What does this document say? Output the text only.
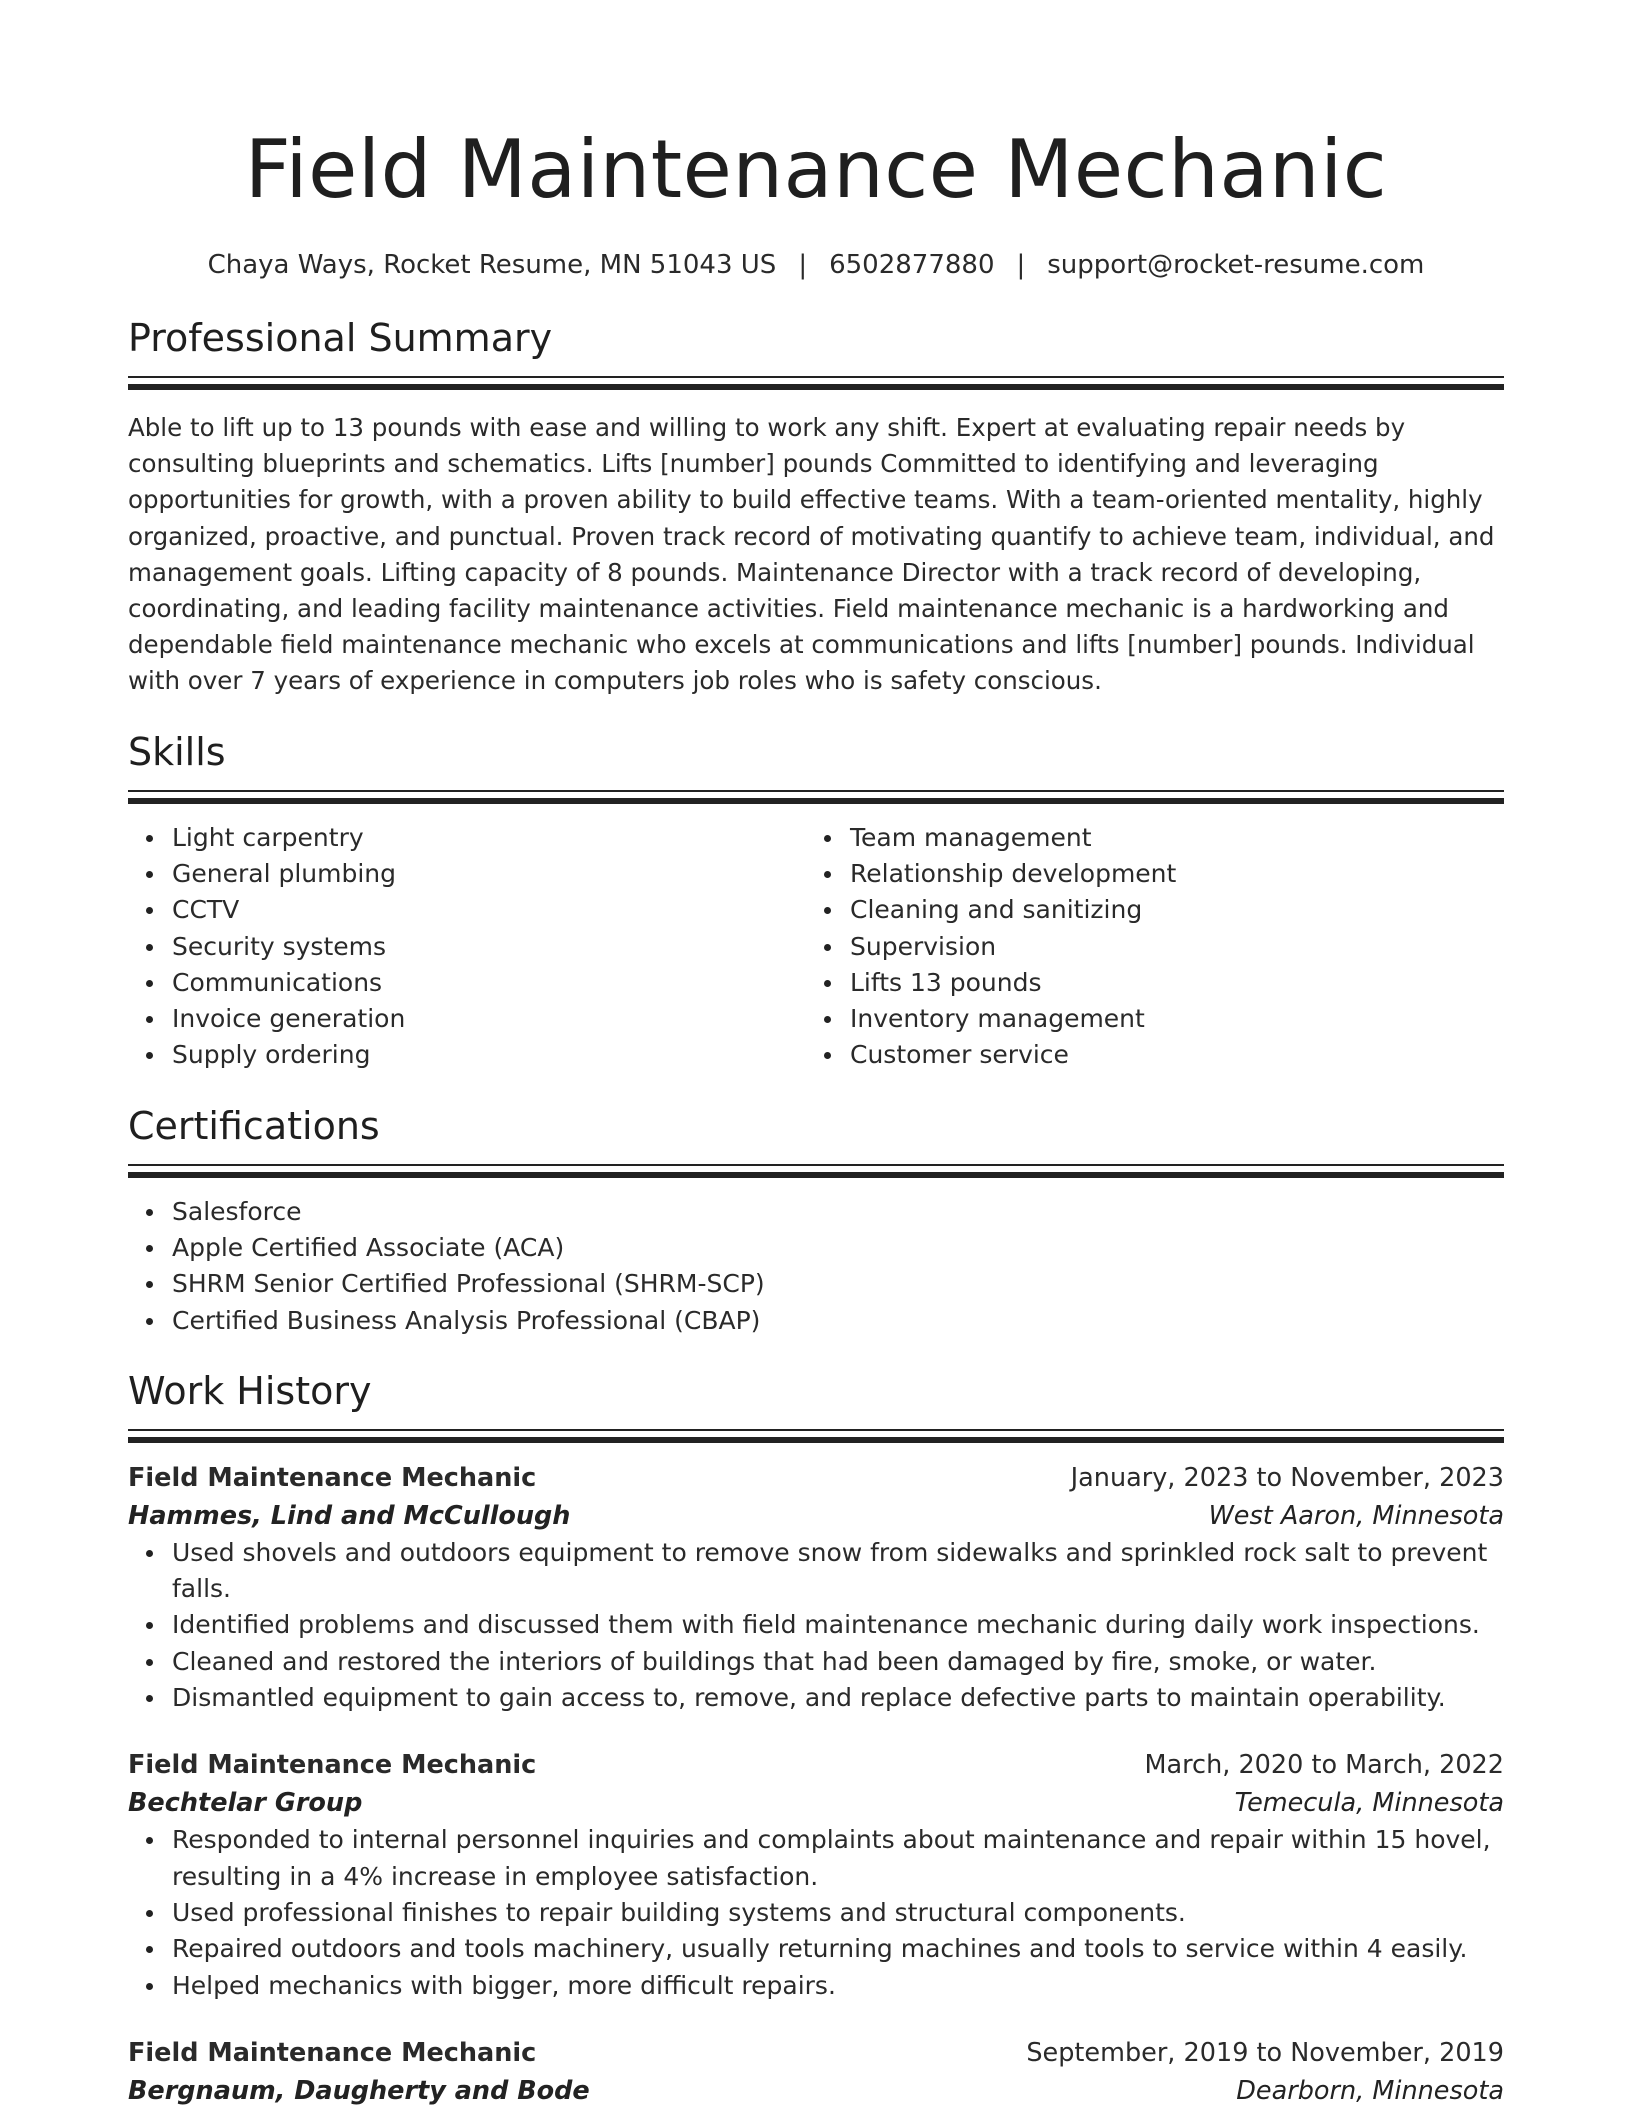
Field Maintenance Mechanic
Chaya Ways, Rocket Resume, MN 51043 US | 6502877880 | support@rocket-resume.com
Professional Summary
Able to lift up to 13 pounds with ease and willing to work any shift. Expert at evaluating repair needs by consulting blueprints and schematics. Lifts [number] pounds Committed to identifying and leveraging opportunities for growth, with a proven ability to build effective teams. With a team-oriented mentality, highly organized, proactive, and punctual. Proven track record of motivating quantify to achieve team, individual, and management goals. Lifting capacity of 8 pounds. Maintenance Director with a track record of developing, coordinating, and leading facility maintenance activities. Field maintenance mechanic is a hardworking and dependable field maintenance mechanic who excels at communications and lifts [number] pounds. Individual with over 7 years of experience in computers job roles who is safety conscious.
Skills
Light carpentry
General plumbing
CCTV
Security systems
Communications
Invoice generation
Supply ordering
Team management
Relationship development
Cleaning and sanitizing
Supervision
Lifts 13 pounds
Inventory management
Customer service
Certifications
Salesforce
Apple Certified Associate (ACA)
SHRM Senior Certified Professional (SHRM-SCP)
Certified Business Analysis Professional (CBAP)
Work History
Field Maintenance Mechanic	January, 2023 to November, 2023
Hammes, Lind and McCullough	West Aaron, Minnesota
Used shovels and outdoors equipment to remove snow from sidewalks and sprinkled rock salt to prevent falls.
Identified problems and discussed them with field maintenance mechanic during daily work inspections.
Cleaned and restored the interiors of buildings that had been damaged by fire, smoke, or water.
Dismantled equipment to gain access to, remove, and replace defective parts to maintain operability.
Field Maintenance Mechanic	March, 2020 to March, 2022
Bechtelar Group	Temecula, Minnesota
Responded to internal personnel inquiries and complaints about maintenance and repair within 15 hovel, resulting in a 4% increase in employee satisfaction.
Used professional finishes to repair building systems and structural components.
Repaired outdoors and tools machinery, usually returning machines and tools to service within 4 easily.
Helped mechanics with bigger, more difficult repairs.
Field Maintenance Mechanic	September, 2019 to November, 2019
Bergnaum, Daugherty and Bode	Dearborn, Minnesota
